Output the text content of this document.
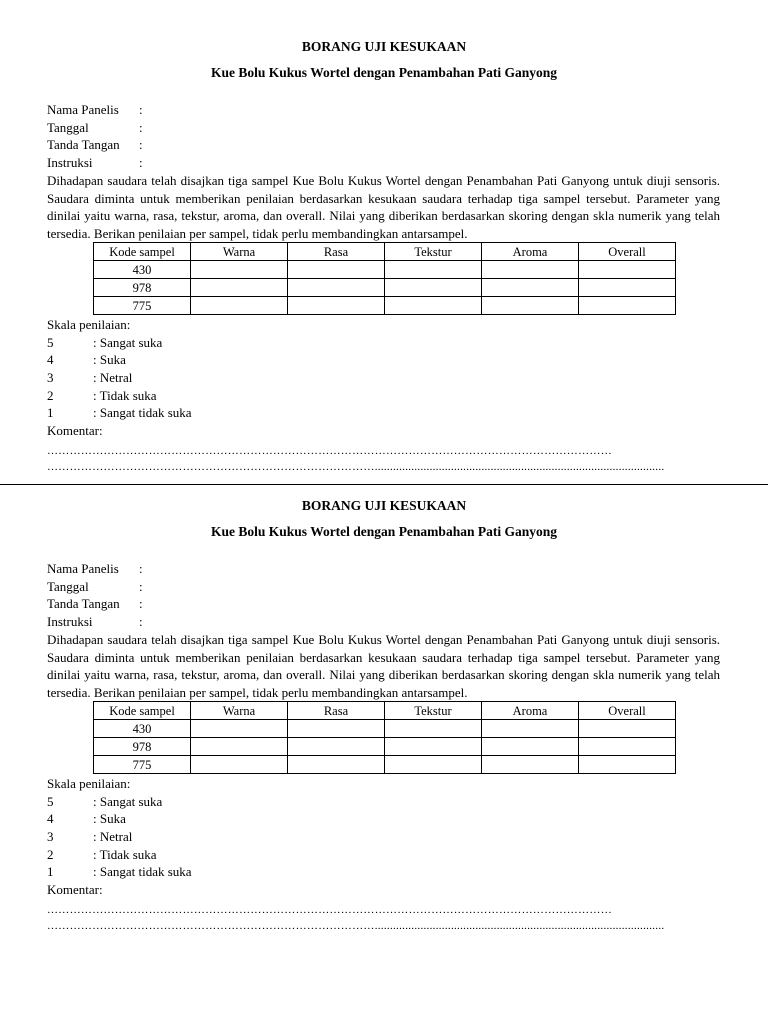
BORANG UJI KESUKAAN
Kue Bolu Kukus Wortel dengan Penambahan Pati Ganyong
Nama Panelis :
Tanggal	:
Tanda Tangan :
Instruksi	:
Dihadapan saudara telah disajkan tiga sampel Kue Bolu Kukus Wortel dengan Penambahan Pati Ganyong untuk diuji sensoris. Saudara diminta untuk memberikan penilaian berdasarkan kesukaan saudara terhadap tiga sampel tersebut. Parameter yang dinilai yaitu warna, rasa, tekstur, aroma, dan overall. Nilai yang diberikan berdasarkan skoring dengan skla numerik yang telah tersedia. Berikan penilaian per sampel, tidak perlu membandingkan antarsampel.
Kode sampel	Warna	Rasa	Tekstur	Aroma	Overall
430					
978					
775					
Skala penilaian:
5	: Sangat suka
4	: Suka
3	: Netral
2	: Tidak suka
1	: Sangat tidak suka
Komentar:
……………………………………………………………………………………………………………………………………
……………………………………………………………………………...............................................................................................
BORANG UJI KESUKAAN
Kue Bolu Kukus Wortel dengan Penambahan Pati Ganyong
Nama Panelis :
Tanggal	:
Tanda Tangan :
Instruksi	:
Dihadapan saudara telah disajkan tiga sampel Kue Bolu Kukus Wortel dengan Penambahan Pati Ganyong untuk diuji sensoris. Saudara diminta untuk memberikan penilaian berdasarkan kesukaan saudara terhadap tiga sampel tersebut. Parameter yang dinilai yaitu warna, rasa, tekstur, aroma, dan overall. Nilai yang diberikan berdasarkan skoring dengan skla numerik yang telah tersedia. Berikan penilaian per sampel, tidak perlu membandingkan antarsampel.
Kode sampel	Warna	Rasa	Tekstur	Aroma	Overall
430					
978					
775					
Skala penilaian:
5	: Sangat suka
4	: Suka
3	: Netral
2	: Tidak suka
1	: Sangat tidak suka
Komentar:
……………………………………………………………………………………………………………………………………
……………………………………………………………………………...............................................................................................
